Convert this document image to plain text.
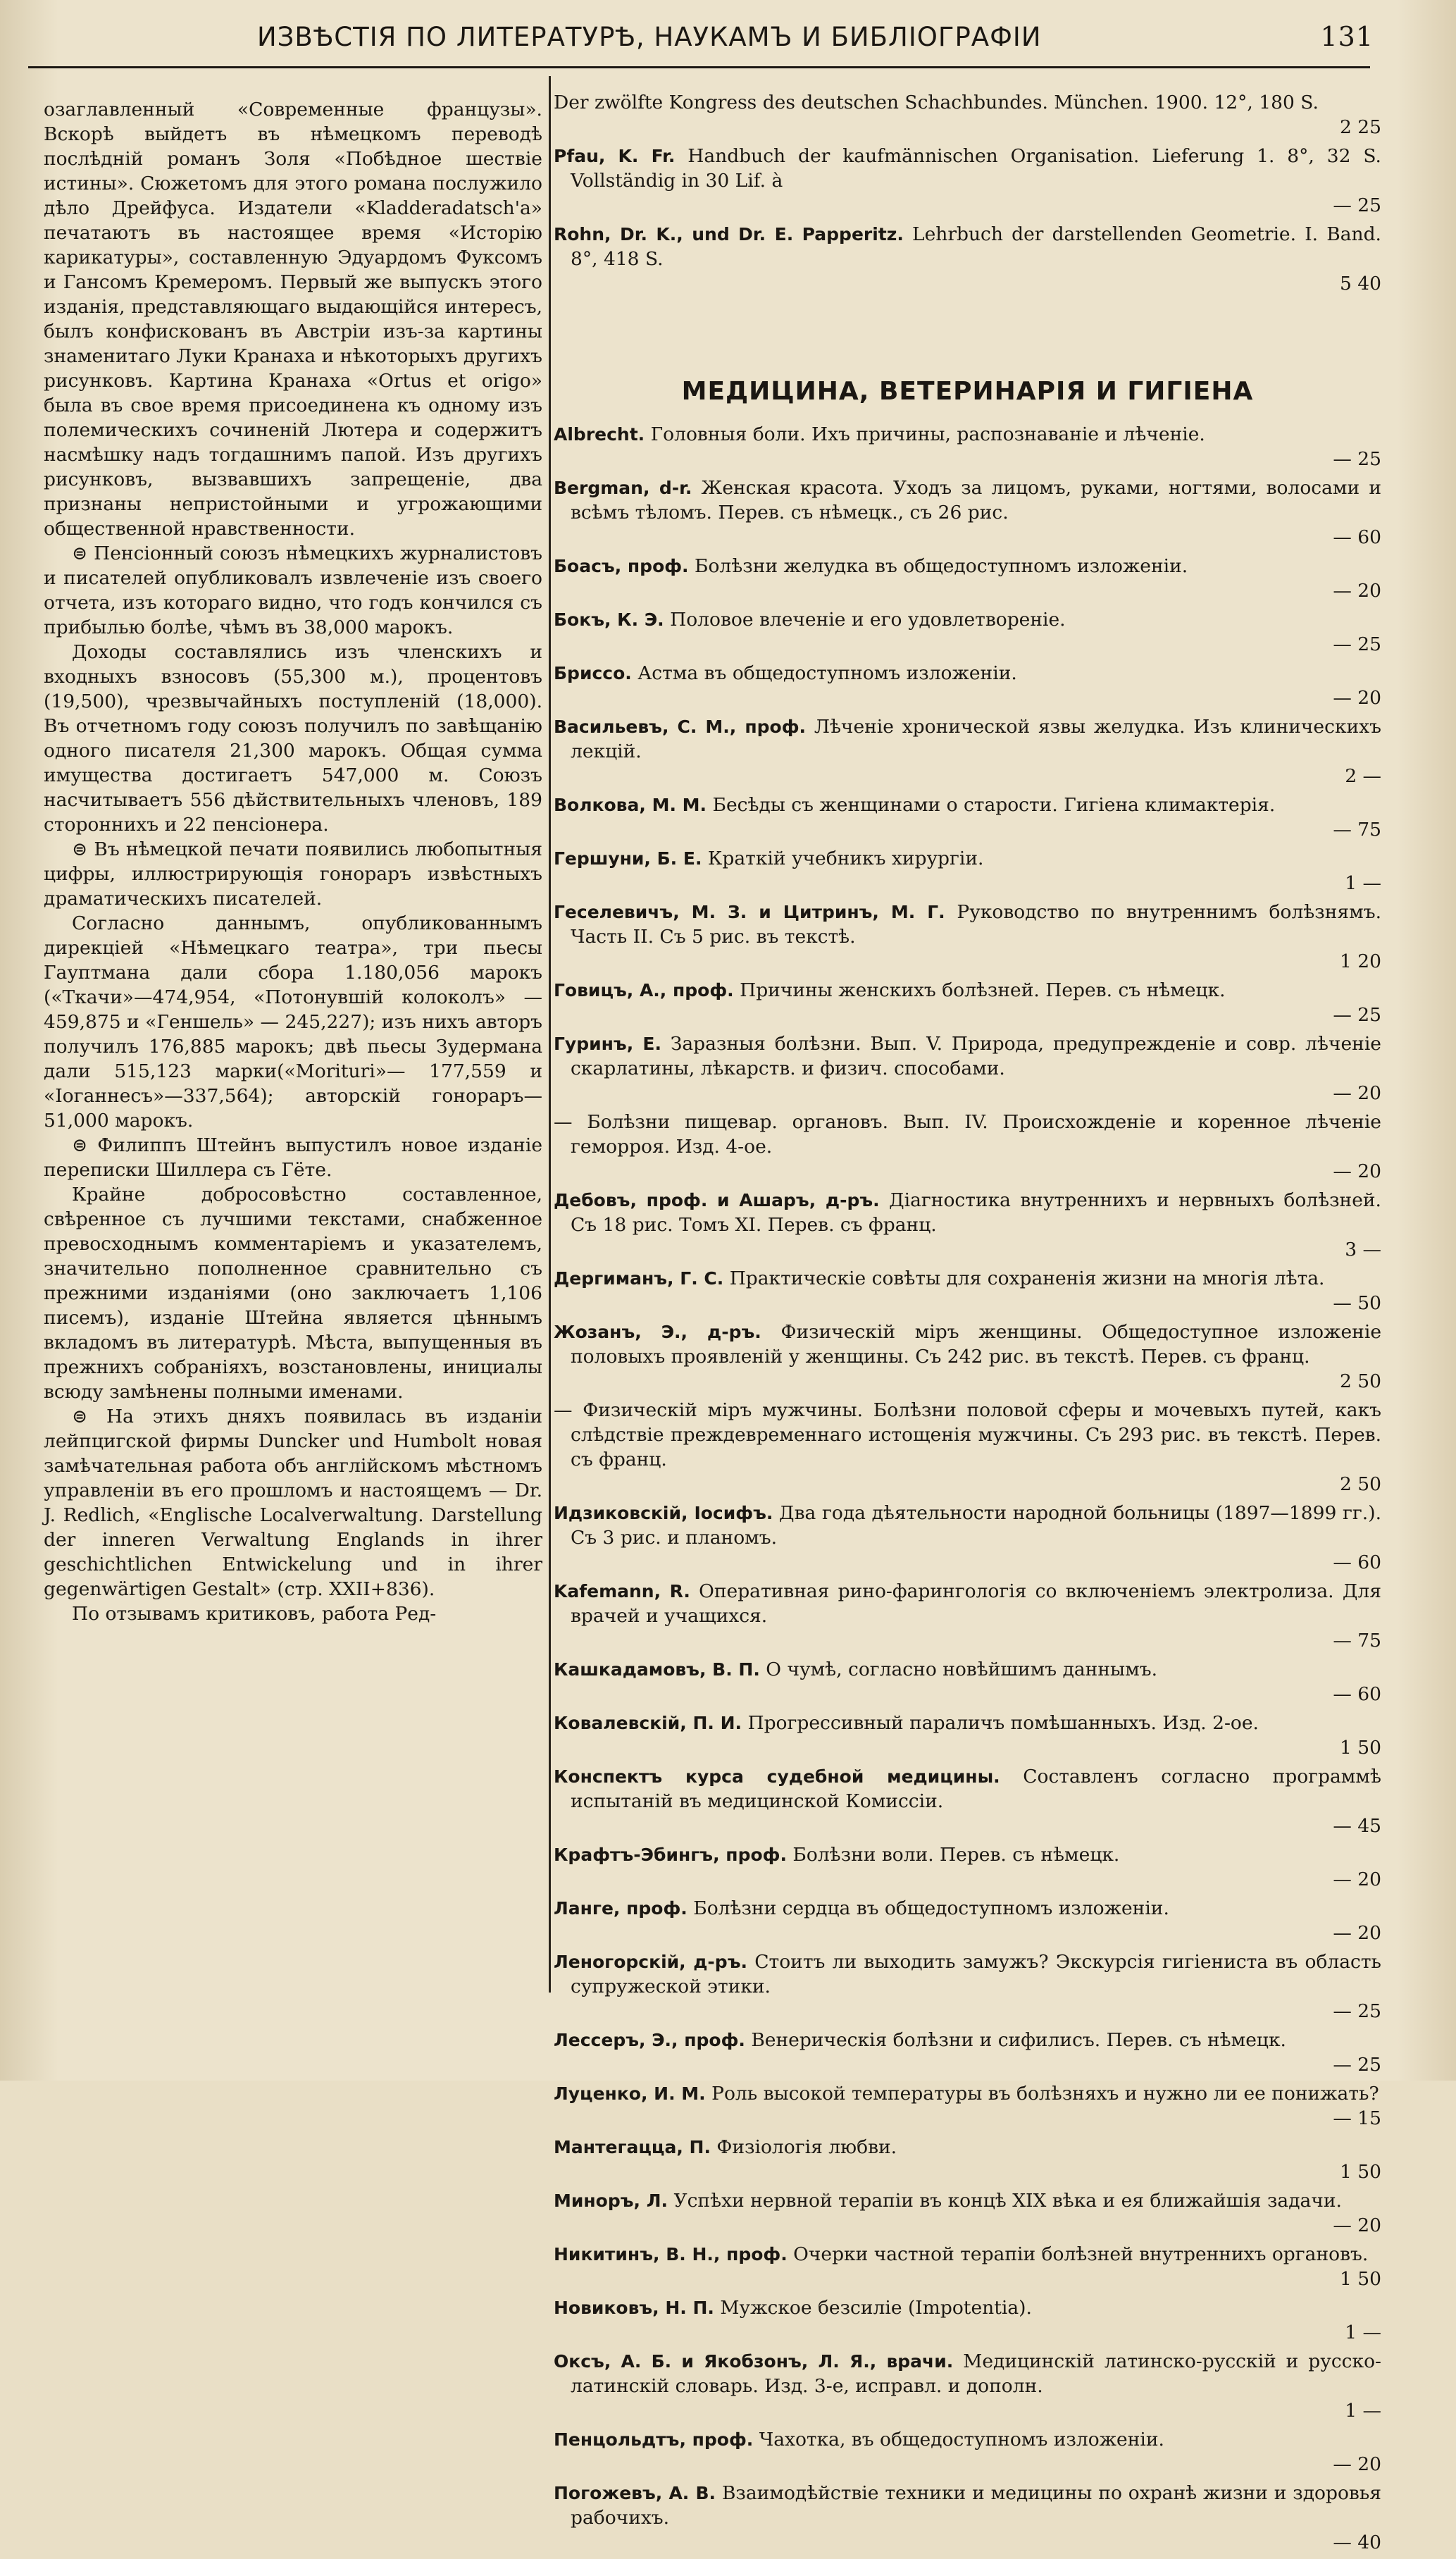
ИЗВѢСТІЯ ПО ЛИТЕРАТУРѢ, НАУКАМЪ И БИБЛІОГРАФІИ	131

озаглавленный «Современные французы». Вскорѣ выйдетъ въ нѣмецкомъ переводѣ послѣдній романъ Золя «Побѣдное шествіе истины». Сюжетомъ для этого романа послужило дѣло Дрейфуса. Издатели «Kladderadatsch'a» печатаютъ въ настоящее время «Исторію карикатуры», составленную Эдуардомъ Фуксомъ и Гансомъ Кремеромъ. Первый же выпускъ этого изданія, представляющаго выдающійся интересъ, былъ конфискованъ въ Австріи изъ-за картины знаменитаго Луки Кранаха и нѣкоторыхъ другихъ рисунковъ. Картина Кранаха «Ortus et origo» была въ свое время присоединена къ одному изъ полемическихъ сочиненій Лютера и содержитъ насмѣшку надъ тогдашнимъ папой. Изъ другихъ рисунковъ, вызвавшихъ запрещеніе, два признаны непристойными и угрожающими общественной нравственности.

⊜ Пенсіонный союзъ нѣмецкихъ журналистовъ и писателей опубликовалъ извлеченіе изъ своего отчета, изъ котораго видно, что годъ кончился съ прибылью болѣе, чѣмъ въ 38,000 марокъ.

Доходы составлялись изъ членскихъ и входныхъ взносовъ (55,300 м.), процентовъ (19,500), чрезвычайныхъ поступленій (18,000). Въ отчетномъ году союзъ получилъ по завѣщанію одного писателя 21,300 марокъ. Общая сумма имущества достигаетъ 547,000 м. Союзъ насчитываетъ 556 дѣйствительныхъ членовъ, 189 стороннихъ и 22 пенсіонера.

⊜ Въ нѣмецкой печати появились любопытныя цифры, иллюстрирующія гонораръ извѣстныхъ драматическихъ писателей.

Согласно даннымъ, опубликованнымъ дирекціей «Нѣмецкаго театра», три пьесы Гауптмана дали сбора 1.180,056 марокъ («Ткачи»—474,954, «Потонувшій колоколъ» — 459,875 и «Геншель» — 245,227); изъ нихъ авторъ получилъ 176,885 марокъ; двѣ пьесы Зудермана дали 515,123 марки(«Morituri»— 177,559 и «Іоганнесъ»—337,564); авторскій гонораръ—51,000 марокъ.

⊜ Филиппъ Штейнъ выпустилъ новое изданіе переписки Шиллера съ Гёте.

Крайне добросовѣстно составленное, свѣренное съ лучшими текстами, снабженное превосходнымъ комментаріемъ и указателемъ, значительно пополненное сравнительно съ прежними изданіями (оно заключаетъ 1,106 писемъ), изданіе Штейна является цѣннымъ вкладомъ въ литературѣ. Мѣста, выпущенныя въ прежнихъ собраніяхъ, возстановлены, инициалы всюду замѣнены полными именами.

⊜ На этихъ дняхъ появилась въ изданіи лейпцигской фирмы Duncker und Humbolt новая замѣчательная работа объ англійскомъ мѣстномъ управленіи въ его прошломъ и настоящемъ — Dr. J. Redlich, «Englische Localverwaltung. Darstellung der inneren Verwaltung Englands in ihrer geschichtlichen Entwickelung und in ihrer gegenwärtigen Gestalt» (стр. XXII+836).

По отзывамъ критиковъ, работа Ред-

Der zwölfte Kongress des deutschen Schachbundes. München. 1900. 12°, 180 S.
2 25
Pfau, K. Fr. Handbuch der kaufmännischen Organisation. Lieferung 1. 8°, 32 S. Vollständig in 30 Lif. à
— 25
Rohn, Dr. K., und Dr. E. Papperitz. Lehrbuch der darstellenden Geometrie. I. Band. 8°, 418 S.
5 40
МЕДИЦИНА, ВЕТЕРИНАРІЯ И ГИГІЕНА
Albrecht. Головныя боли. Ихъ причины, распознаваніе и лѣченіе.
— 25
Bergman, d-r. Женская красота. Уходъ за лицомъ, руками, ногтями, волосами и всѣмъ тѣломъ. Перев. съ нѣмецк., съ 26 рис.
— 60
Боасъ, проф. Болѣзни желудка въ общедоступномъ изложеніи.
— 20
Бокъ, К. Э. Половое влеченіе и его удовлетвореніе.
— 25
Бриссо. Астма въ общедоступномъ изложеніи.
— 20
Васильевъ, С. М., проф. Лѣченіе хронической язвы желудка. Изъ клиническихъ лекцій.
2 —
Волкова, М. М. Бесѣды съ женщинами о старости. Гигіена климактерія.
— 75
Гершуни, Б. Е. Краткій учебникъ хирургіи.
1 —
Геселевичъ, М. З. и Цитринъ, М. Г. Руководство по внутреннимъ болѣзнямъ. Часть II. Съ 5 рис. въ текстѣ.
1 20
Говицъ, А., проф. Причины женскихъ болѣзней. Перев. съ нѣмецк.
— 25
Гуринъ, Е. Заразныя болѣзни. Вып. V. Природа, предупрежденіе и совр. лѣченіе скарлатины, лѣкарств. и физич. способами.
— 20
— Болѣзни пищевар. органовъ. Вып. IV. Происхожденіе и коренное лѣченіе геморроя. Изд. 4-ое.
— 20
Дебовъ, проф. и Ашаръ, д-ръ. Діагностика внутреннихъ и нервныхъ болѣзней. Съ 18 рис. Томъ XI. Перев. съ франц.
3 —
Дергиманъ, Г. С. Практическіе совѣты для сохраненія жизни на многія лѣта.
— 50
Жозанъ, Э., д-ръ. Физическій міръ женщины. Общедоступное изложеніе половыхъ проявленій у женщины. Съ 242 рис. въ текстѣ. Перев. съ франц.
2 50
— Физическій міръ мужчины. Болѣзни половой сферы и мочевыхъ путей, какъ слѣдствіе преждевременнаго истощенія мужчины. Съ 293 рис. въ текстѣ. Перев. съ франц.
2 50
Идзиковскій, Іосифъ. Два года дѣятельности народной больницы (1897—1899 гг.). Съ 3 рис. и планомъ.
— 60
Kafemann, R. Оперативная рино-фарингологія со включеніемъ электролиза. Для врачей и учащихся.
— 75
Кашкадамовъ, В. П. О чумѣ, согласно новѣйшимъ даннымъ.
— 60
Ковалевскій, П. И. Прогрессивный параличъ помѣшанныхъ. Изд. 2-ое.
1 50
Конспектъ курса судебной медицины. Составленъ согласно программѣ испытаній въ медицинской Комиссіи.
— 45
Крафтъ-Эбингъ, проф. Болѣзни воли. Перев. съ нѣмецк.
— 20
Ланге, проф. Болѣзни сердца въ общедоступномъ изложеніи.
— 20
Леногорскій, д-ръ. Стоитъ ли выходить замужъ? Экскурсія гигіениста въ область супружеской этики.
— 25
Лессеръ, Э., проф. Венерическія болѣзни и сифилисъ. Перев. съ нѣмецк.
— 25
Луценко, И. М. Роль высокой температуры въ болѣзняхъ и нужно ли ее понижать?
— 15
Мантегацца, П. Физіологія любви.
1 50
Миноръ, Л. Успѣхи нервной терапіи въ концѣ XIX вѣка и ея ближайшія задачи.
— 20
Никитинъ, В. Н., проф. Очерки частной терапіи болѣзней внутреннихъ органовъ.
1 50
Новиковъ, Н. П. Мужское безсиліе (Impotentia).
1 —
Оксъ, А. Б. и Якобзонъ, Л. Я., врачи. Медицинскій латинско-русскій и русско-латинскій словарь. Изд. 3-е, исправл. и дополн.
1 —
Пенцольдтъ, проф. Чахотка, въ общедоступномъ изложеніи.
— 20
Погожевъ, А. В. Взаимодѣйствіе техники и медицины по охранѣ жизни и здоровья рабочихъ.
— 40
